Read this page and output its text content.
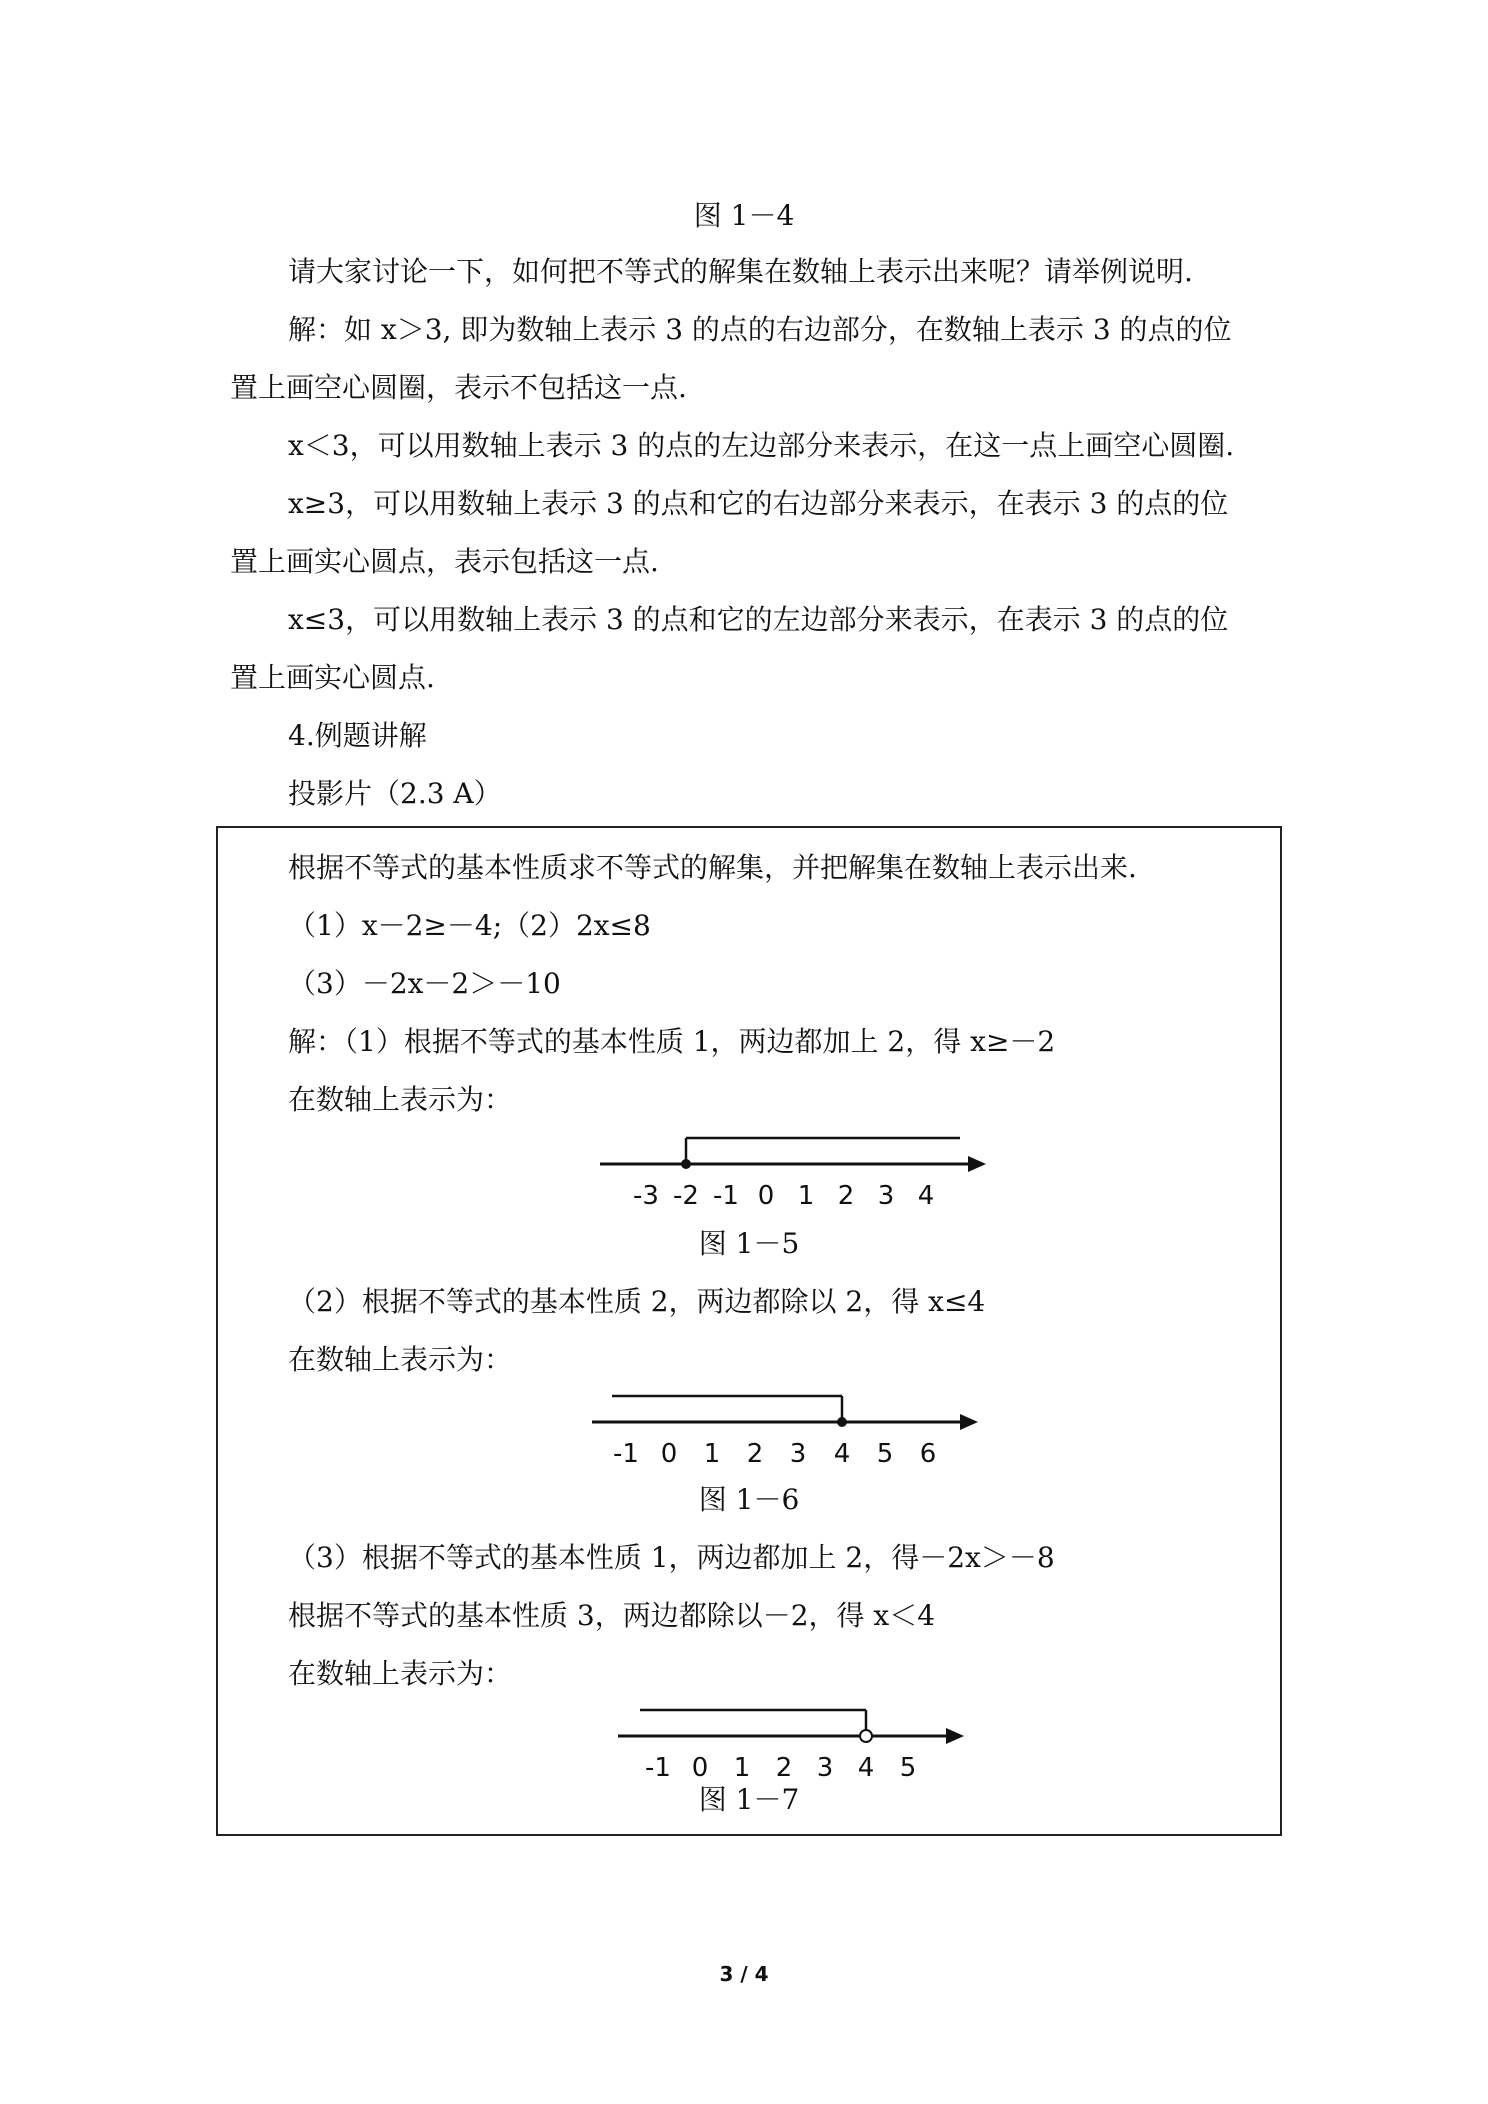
图 1－4
请大家讨论一下，如何把不等式的解集在数轴上表示出来呢？请举例说明.
解：如 x＞3, 即为数轴上表示 3 的点的右边部分，在数轴上表示 3 的点的位
置上画空心圆圈，表示不包括这一点.
x＜3，可以用数轴上表示 3 的点的左边部分来表示，在这一点上画空心圆圈.
x≥3，可以用数轴上表示 3 的点和它的右边部分来表示，在表示 3 的点的位
置上画实心圆点，表示包括这一点.
x≤3，可以用数轴上表示 3 的点和它的左边部分来表示，在表示 3 的点的位
置上画实心圆点.
4.例题讲解
投影片（2.3 A）
根据不等式的基本性质求不等式的解集，并把解集在数轴上表示出来.
（1）x－2≥－4;（2）2x≤8
（3）－2x－2＞－10
解：（1）根据不等式的基本性质 1，两边都加上 2，得 x≥－2
在数轴上表示为：
-3 -2 -1 0 1 2 3 4
图 1－5
（2）根据不等式的基本性质 2，两边都除以 2，得 x≤4
在数轴上表示为：
-1 0 1 2 3 4 5 6
图 1－6
（3）根据不等式的基本性质 1，两边都加上 2，得－2x＞－8
根据不等式的基本性质 3，两边都除以－2，得 x＜4
在数轴上表示为：
-1 0 1 2 3 4 5
图 1－7
3 / 4
